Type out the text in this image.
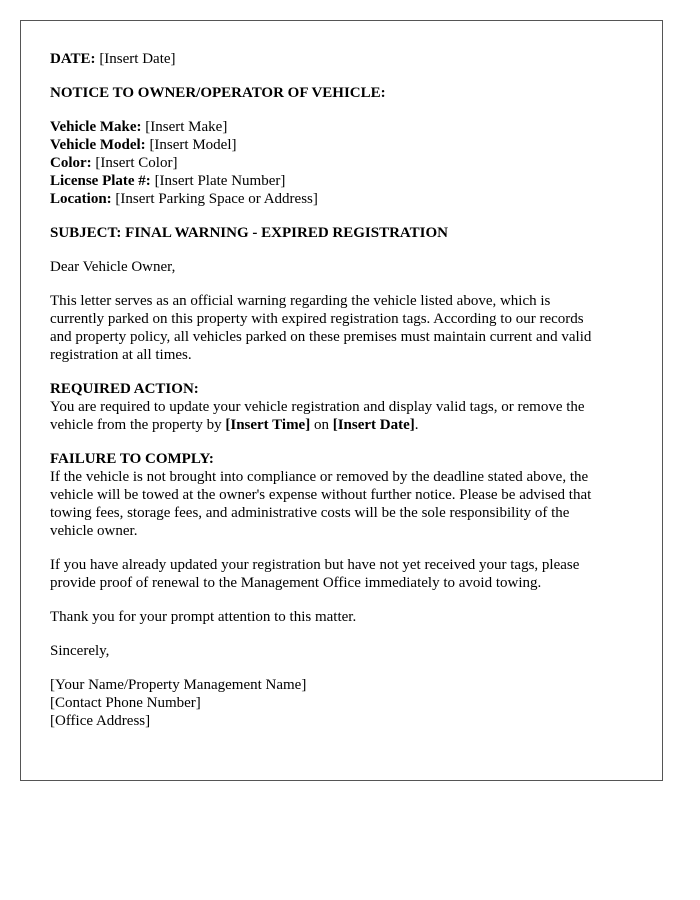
DATE: [Insert Date]

NOTICE TO OWNER/OPERATOR OF VEHICLE:

Vehicle Make: [Insert Make]

Vehicle Model: [Insert Model]

Color: [Insert Color]

License Plate #: [Insert Plate Number]

Location: [Insert Parking Space or Address]

SUBJECT: FINAL WARNING - EXPIRED REGISTRATION

Dear Vehicle Owner,

This letter serves as an official warning regarding the vehicle listed above, which is

currently parked on this property with expired registration tags. According to our records

and property policy, all vehicles parked on these premises must maintain current and valid

registration at all times.

REQUIRED ACTION:

You are required to update your vehicle registration and display valid tags, or remove the

vehicle from the property by [Insert Time] on [Insert Date].

FAILURE TO COMPLY:

If the vehicle is not brought into compliance or removed by the deadline stated above, the

vehicle will be towed at the owner's expense without further notice. Please be advised that

towing fees, storage fees, and administrative costs will be the sole responsibility of the

vehicle owner.

If you have already updated your registration but have not yet received your tags, please

provide proof of renewal to the Management Office immediately to avoid towing.

Thank you for your prompt attention to this matter.

Sincerely,

[Your Name/Property Management Name]

[Contact Phone Number]

[Office Address]
